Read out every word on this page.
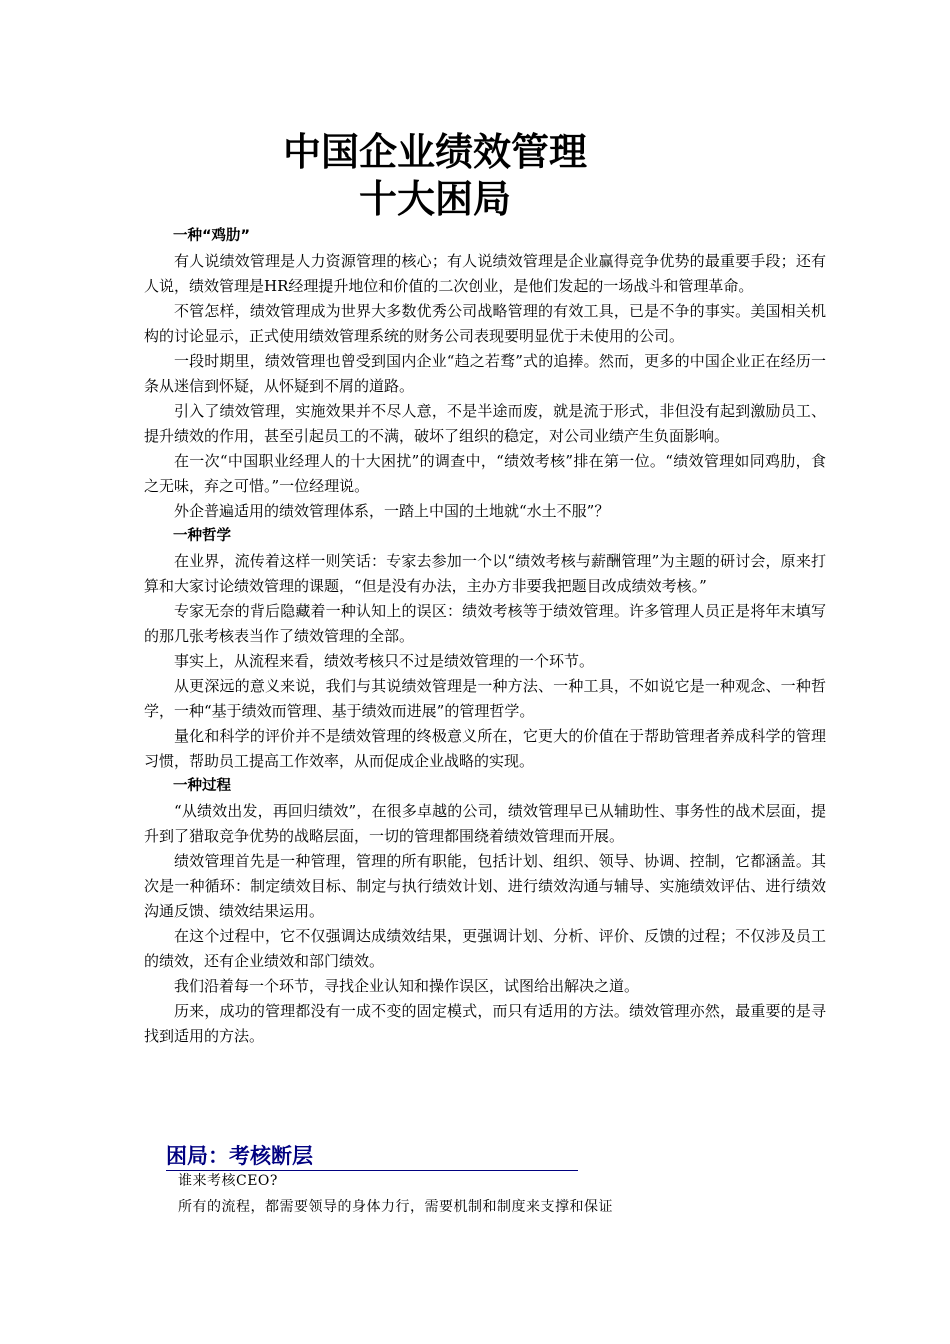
中国企业绩效管理
十大困局

一种“鸡肋”

有人说绩效管理是人力资源管理的核心；有人说绩效管理是企业赢得竞争优势的最重要手段；还有人说，绩效管理是HR经理提升地位和价值的二次创业，是他们发起的一场战斗和管理革命。

不管怎样，绩效管理成为世界大多数优秀公司战略管理的有效工具，已是不争的事实。美国相关机构的讨论显示，正式使用绩效管理系统的财务公司表现要明显优于未使用的公司。

一段时期里，绩效管理也曾受到国内企业“趋之若骛”式的追捧。然而，更多的中国企业正在经历一条从迷信到怀疑，从怀疑到不屑的道路。

引入了绩效管理，实施效果并不尽人意，不是半途而废，就是流于形式，非但没有起到激励员工、提升绩效的作用，甚至引起员工的不满，破坏了组织的稳定，对公司业绩产生负面影响。

在一次“中国职业经理人的十大困扰”的调查中，“绩效考核”排在第一位。“绩效管理如同鸡肋，食之无味，弃之可惜。”一位经理说。

外企普遍适用的绩效管理体系，一踏上中国的土地就“水土不服”？

一种哲学

在业界，流传着这样一则笑话：专家去参加一个以“绩效考核与薪酬管理”为主题的研讨会，原来打算和大家讨论绩效管理的课题，“但是没有办法，主办方非要我把题目改成绩效考核。”

专家无奈的背后隐藏着一种认知上的误区：绩效考核等于绩效管理。许多管理人员正是将年末填写的那几张考核表当作了绩效管理的全部。

事实上，从流程来看，绩效考核只不过是绩效管理的一个环节。

从更深远的意义来说，我们与其说绩效管理是一种方法、一种工具，不如说它是一种观念、一种哲学，一种“基于绩效而管理、基于绩效而进展”的管理哲学。

量化和科学的评价并不是绩效管理的终极意义所在，它更大的价值在于帮助管理者养成科学的管理习惯，帮助员工提高工作效率，从而促成企业战略的实现。

一种过程

“从绩效出发，再回归绩效”，在很多卓越的公司，绩效管理早已从辅助性、事务性的战术层面，提升到了猎取竞争优势的战略层面，一切的管理都围绕着绩效管理而开展。

绩效管理首先是一种管理，管理的所有职能，包括计划、组织、领导、协调、控制，它都涵盖。其次是一种循环：制定绩效目标、制定与执行绩效计划、进行绩效沟通与辅导、实施绩效评估、进行绩效沟通反馈、绩效结果运用。

在这个过程中，它不仅强调达成绩效结果，更强调计划、分析、评价、反馈的过程；不仅涉及员工的绩效，还有企业绩效和部门绩效。

我们沿着每一个环节，寻找企业认知和操作误区，试图给出解决之道。

历来，成功的管理都没有一成不变的固定模式，而只有适用的方法。绩效管理亦然，最重要的是寻找到适用的方法。

困局：考核断层
谁来考核CEO?
所有的流程，都需要领导的身体力行，需要机制和制度来支撑和保证
